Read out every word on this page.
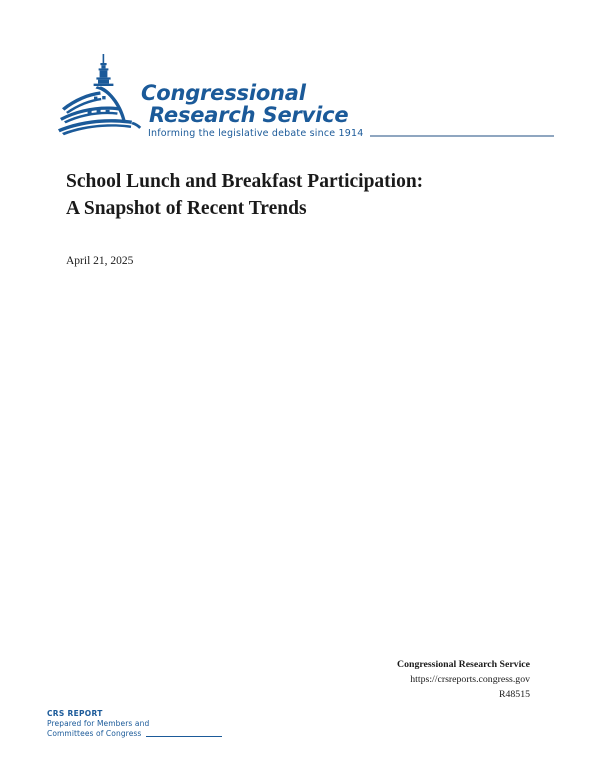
Congressional
Research Service
Informing the legislative debate since 1914
School Lunch and Breakfast Participation:
A Snapshot of Recent Trends
April 21, 2025
Congressional Research Service
https://crsreports.congress.gov
R48515
CRS REPORT
Prepared for Members and
Committees of Congress
